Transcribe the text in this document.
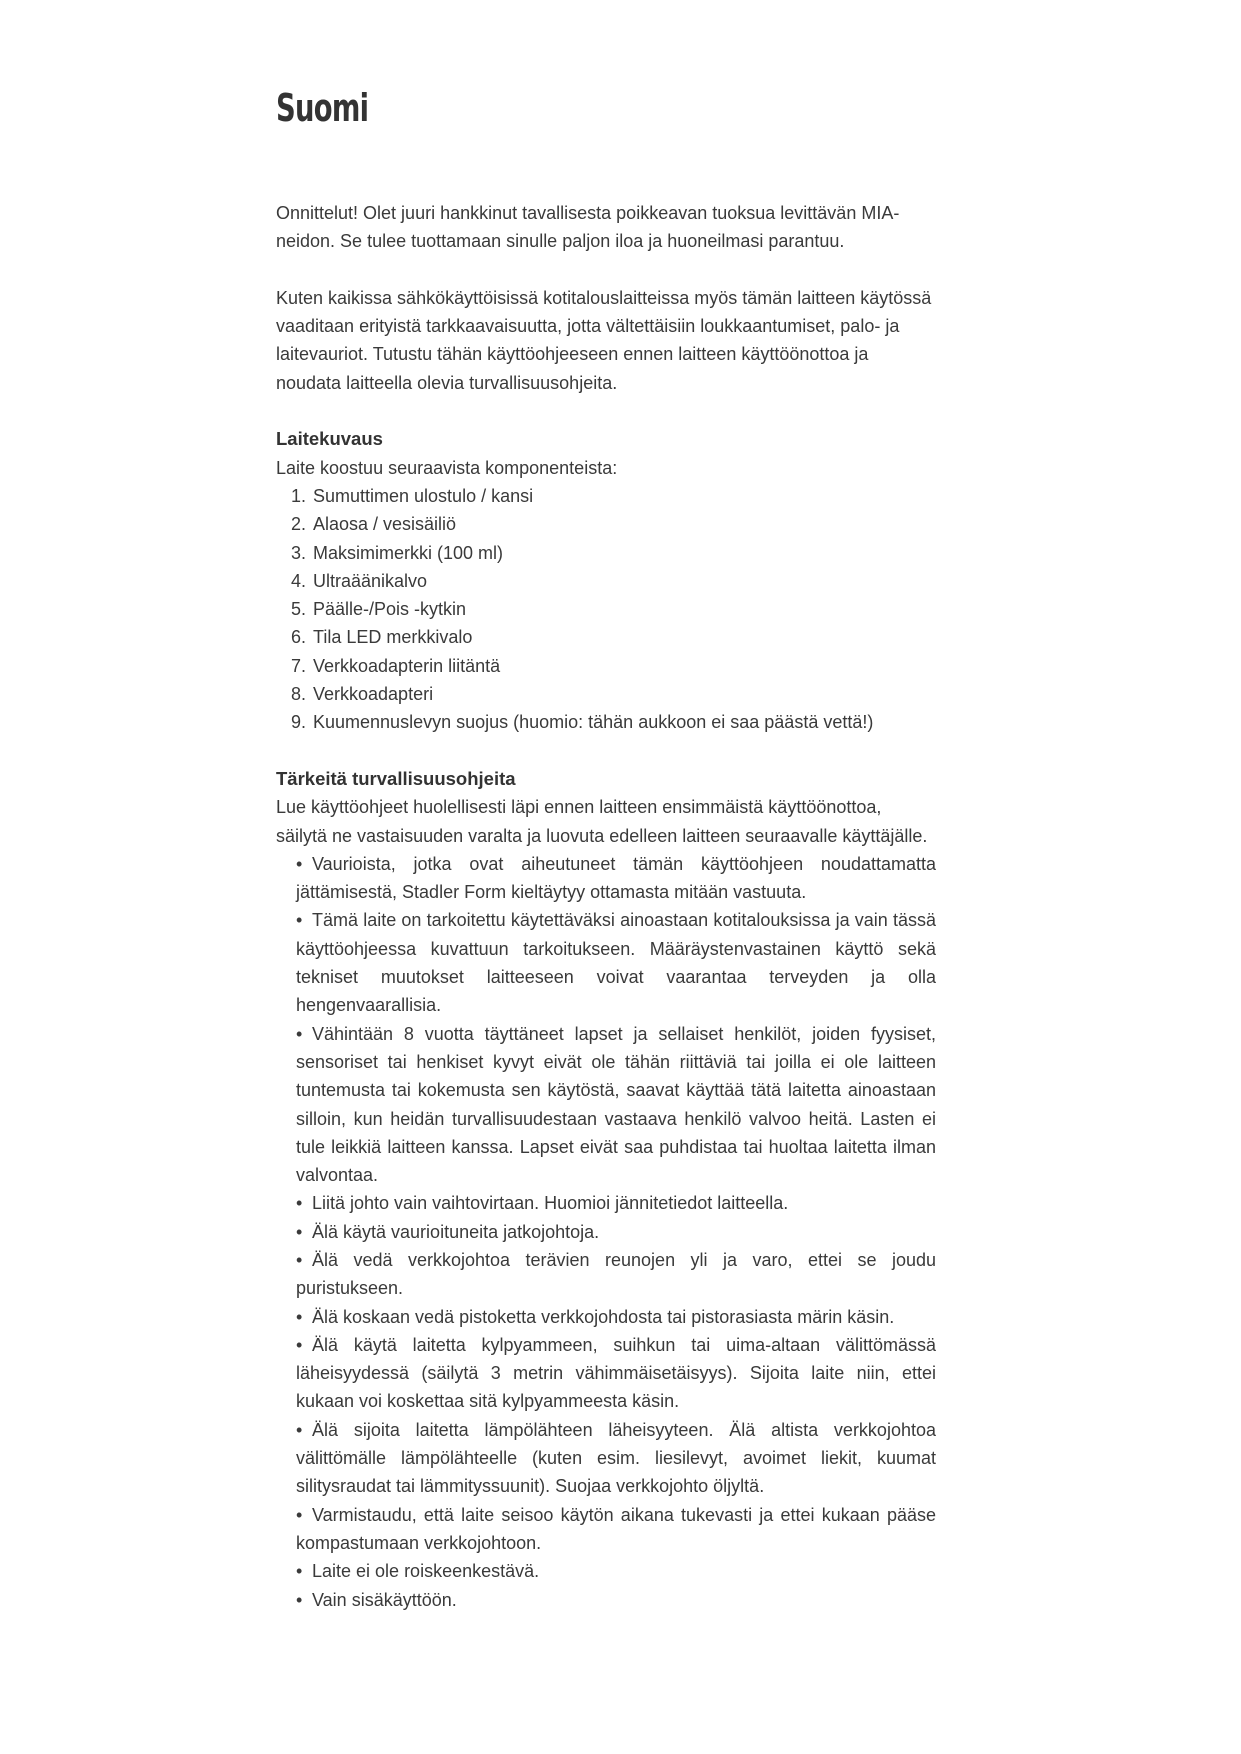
Suomi

Onnittelut! Olet juuri hankkinut tavallisesta poikkeavan tuoksua levittävän MIA-neidon. Se tulee tuottamaan sinulle paljon iloa ja huoneilmasi parantuu.

Kuten kaikissa sähkökäyttöisissä kotitalouslaitteissa myös tämän laitteen käytössä vaaditaan erityistä tarkkaavaisuutta, jotta vältettäisiin loukkaantumiset, palo- ja laitevauriot. Tutustu tähän käyttöohjeeseen ennen laitteen käyttöönottoa ja noudata laitteella olevia turvallisuusohjeita.

Laitekuvaus

Laite koostuu seuraavista komponenteista:

1. Sumuttimen ulostulo / kansi
2. Alaosa / vesisäiliö
3. Maksimimerkki (100 ml)
4. Ultraäänikalvo
5. Päälle-/Pois -kytkin
6. Tila LED merkkivalo
7. Verkkoadapterin liitäntä
8. Verkkoadapteri
9. Kuumennuslevyn suojus (huomio: tähän aukkoon ei saa päästä vettä!)
Tärkeitä turvallisuusohjeita

Lue käyttöohjeet huolellisesti läpi ennen laitteen ensimmäistä käyttöönottoa, säilytä ne vastaisuuden varalta ja luovuta edelleen laitteen seuraavalle käyttäjälle.

• Vaurioista, jotka ovat aiheutuneet tämän käyttöohjeen noudattamatta jättämisestä, Stadler Form kieltäytyy ottamasta mitään vastuuta.
• Tämä laite on tarkoitettu käytettäväksi ainoastaan kotitalouksissa ja vain tässä käyttöohjeessa kuvattuun tarkoitukseen. Määräystenvastainen käyttö sekä tekniset muutokset laitteeseen voivat vaarantaa terveyden ja olla hengenvaarallisia.
• Vähintään 8 vuotta täyttäneet lapset ja sellaiset henkilöt, joiden fyysiset, sensoriset tai henkiset kyvyt eivät ole tähän riittäviä tai joilla ei ole laitteen tuntemusta tai kokemusta sen käytöstä, saavat käyttää tätä laitetta ainoastaan silloin, kun heidän turvallisuudestaan vastaava henkilö valvoo heitä. Lasten ei tule leikkiä laitteen kanssa. Lapset eivät saa puhdistaa tai huoltaa laitetta ilman valvontaa.
• Liitä johto vain vaihtovirtaan. Huomioi jännitetiedot laitteella.
• Älä käytä vaurioituneita jatkojohtoja.
• Älä vedä verkkojohtoa terävien reunojen yli ja varo, ettei se joudu puristukseen.
• Älä koskaan vedä pistoketta verkkojohdosta tai pistorasiasta märin käsin.
• Älä käytä laitetta kylpyammeen, suihkun tai uima-altaan välittömässä läheisyydessä (säilytä 3 metrin vähimmäisetäisyys). Sijoita laite niin, ettei kukaan voi koskettaa sitä kylpyammeesta käsin.
• Älä sijoita laitetta lämpölähteen läheisyyteen. Älä altista verkkojohtoa välittömälle lämpölähteelle (kuten esim. liesilevyt, avoimet liekit, kuumat silitysraudat tai lämmityssuunit). Suojaa verkkojohto öljyltä.
• Varmistaudu, että laite seisoo käytön aikana tukevasti ja ettei kukaan pääse kompastumaan verkkojohtoon.
• Laite ei ole roiskeenkestävä.
• Vain sisäkäyttöön.
